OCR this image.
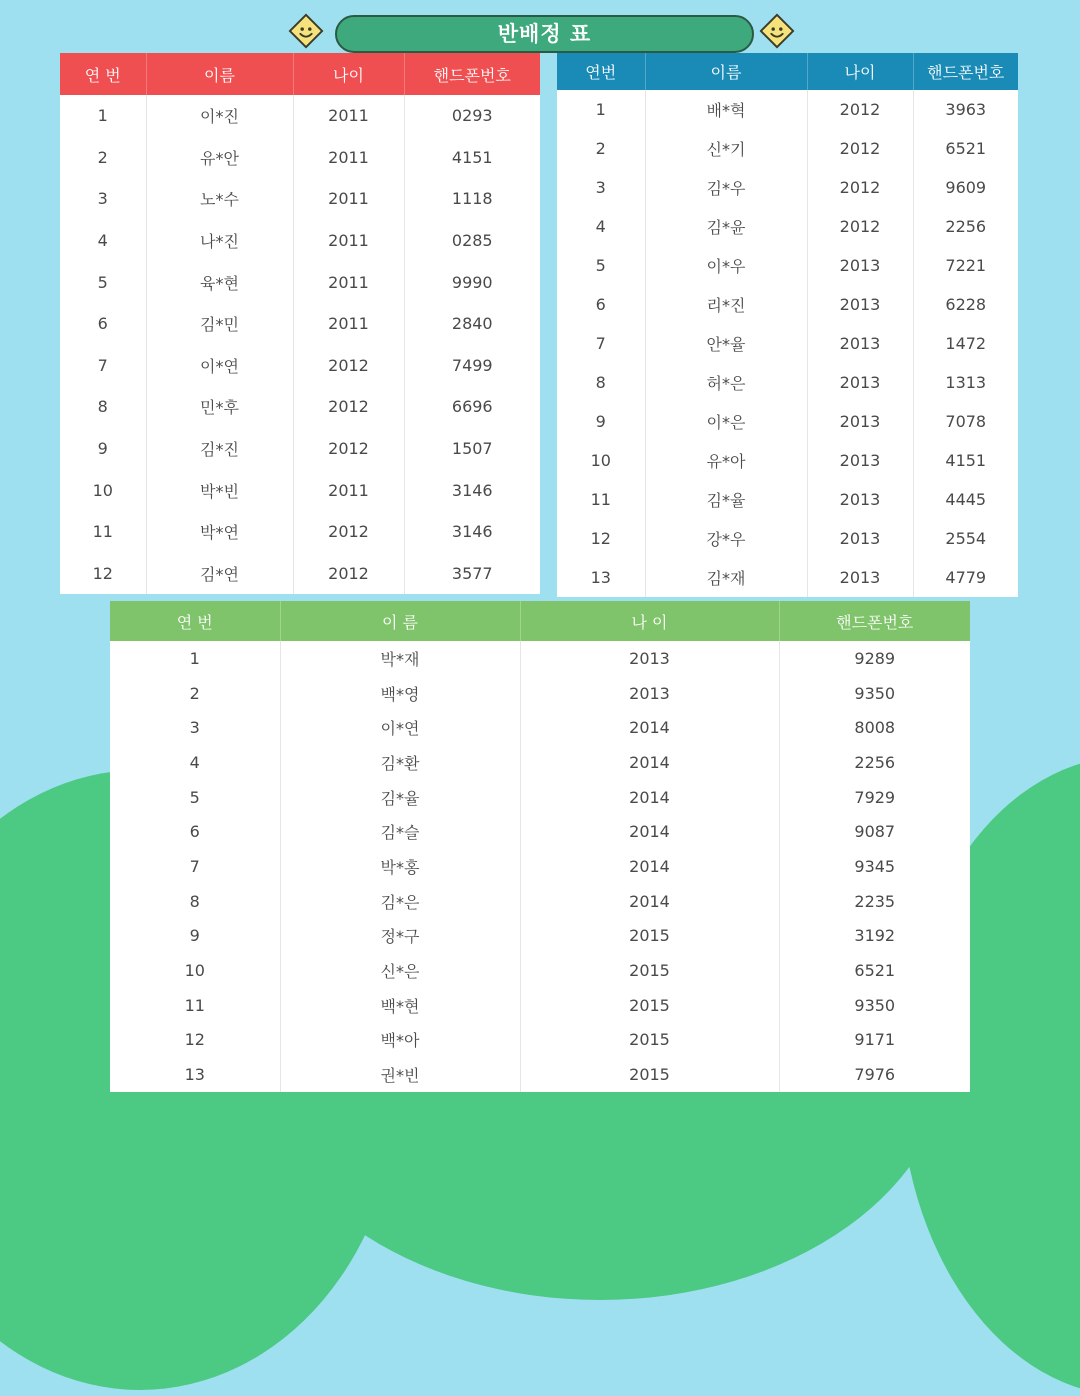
반배정 표
연 번	이름	나이	핸드폰번호
1	이*진	2011	0293
2	유*안	2011	4151
3	노*수	2011	1118
4	나*진	2011	0285
5	육*현	2011	9990
6	김*민	2011	2840
7	이*연	2012	7499
8	민*후	2012	6696
9	김*진	2012	1507
10	박*빈	2011	3146
11	박*연	2012	3146
12	김*연	2012	3577
연번	이름	나이	핸드폰번호
1	배*혁	2012	3963
2	신*기	2012	6521
3	김*우	2012	9609
4	김*윤	2012	2256
5	이*우	2013	7221
6	리*진	2013	6228
7	안*율	2013	1472
8	허*은	2013	1313
9	이*은	2013	7078
10	유*아	2013	4151
11	김*율	2013	4445
12	강*우	2013	2554
13	김*재	2013	4779
연 번	이 름	나 이	핸드폰번호
1	박*재	2013	9289
2	백*영	2013	9350
3	이*연	2014	8008
4	김*환	2014	2256
5	김*율	2014	7929
6	김*슬	2014	9087
7	박*홍	2014	9345
8	김*은	2014	2235
9	정*구	2015	3192
10	신*은	2015	6521
11	백*현	2015	9350
12	백*아	2015	9171
13	권*빈	2015	7976
